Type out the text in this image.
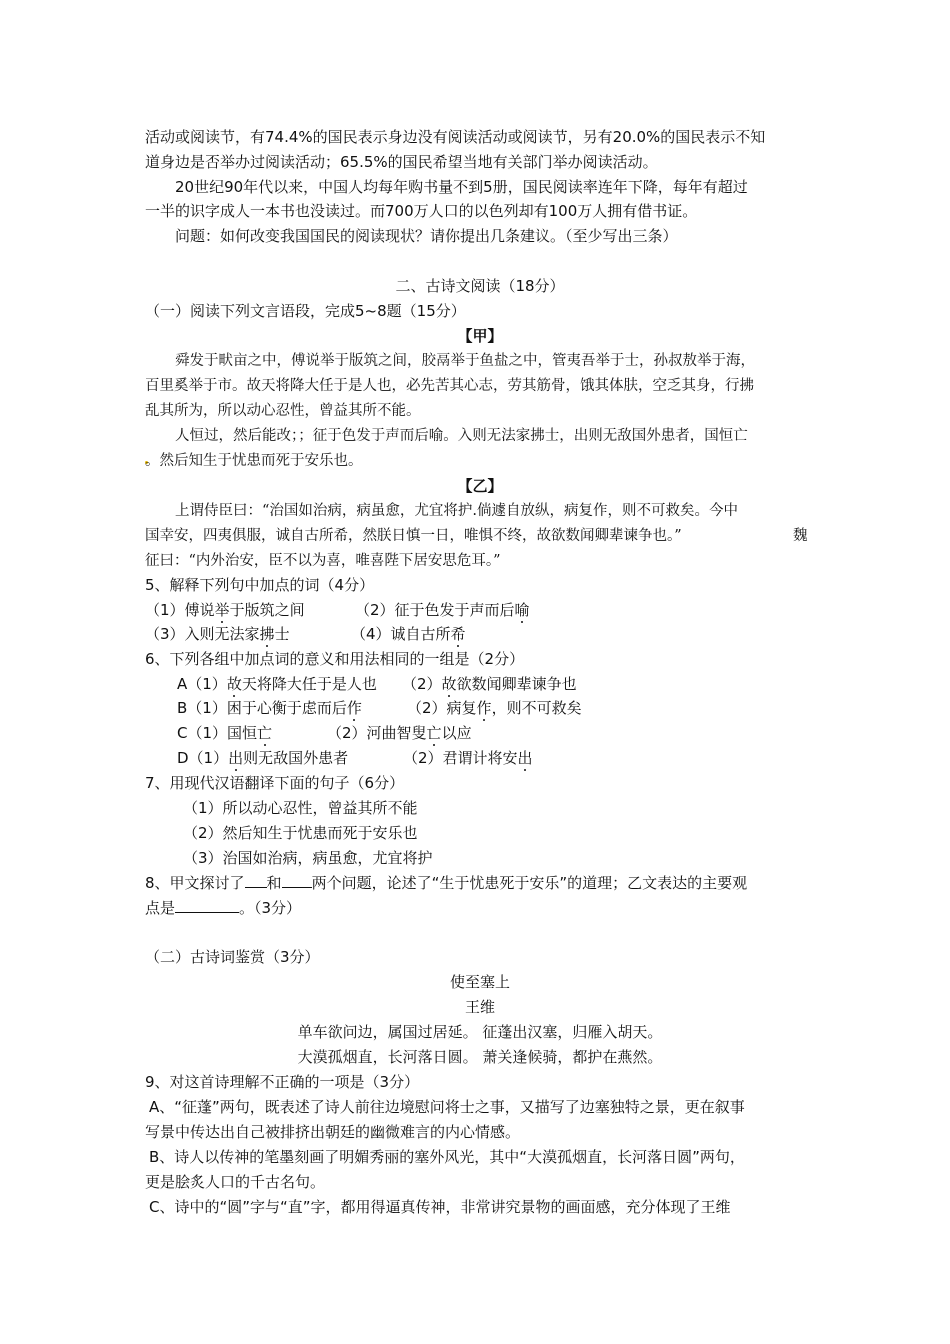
活动或阅读节，有74.4%的国民表示身边没有阅读活动或阅读节，另有20.0%的国民表示不知
道身边是否举办过阅读活动；65.5%的国民希望当地有关部门举办阅读活动。
20世纪90年代以来，中国人均每年购书量不到5册，国民阅读率连年下降，每年有超过
一半的识字成人一本书也没读过。而700万人口的以色列却有100万人拥有借书证。
问题：如何改变我国国民的阅读现状？请你提出几条建议。（至少写出三条）
二、古诗文阅读（18分）
（一）阅读下列文言语段，完成5~8题（15分）
【甲】
舜发于畎亩之中，傅说举于版筑之间，胶鬲举于鱼盐之中，管夷吾举于士，孙叔敖举于海，
百里奚举于市。故天将降大任于是人也，必先苦其心志，劳其筋骨，饿其体肤，空乏其身，行拂
乱其所为，所以动心忍性，曾益其所不能。
人恒过，然后能改；；征于色发于声而后喻。入则无法家拂士，出则无敌国外患者，国恒亡
。然后知生于忧患而死于安乐也。
【乙】
上谓侍臣曰：“治国如治病，病虽愈，尤宜将护.倘遽自放纵，病复作，则不可救矣。今中
国幸安，四夷俱服，诚自古所希，然朕日慎一日，唯惧不终，故欲数闻卿辈谏争也。”	魏
征曰：“内外治安，臣不以为喜，唯喜陛下居安思危耳。”
5、解释下列句中加点的词（4分）
（1）傅说举于版筑之间	（2）征于色发于声而后喻
（3）入则无法家拂士	（4）诚自古所希
6、下列各组中加点词的意义和用法相同的一组是（2分）
A（1）故天将降大任于是人也 （2）故欲数闻卿辈谏争也
B（1）困于心衡于虑而后作	（2）病复作，则不可救矣
C（1）国恒亡	（2）河曲智叟亡以应
D（1）出则无敌国外患者	（2）君谓计将安出
7、用现代汉语翻译下面的句子（6分）
（1）所以动心忍性，曾益其所不能
（2）然后知生于忧患而死于安乐也
（3）治国如治病，病虽愈，尤宜将护
8、甲文探讨了 和 两个问题，论述了“生于忧患死于安乐”的道理；乙文表达的主要观
点是	。（3分）
（二）古诗词鉴赏（3分）
使至塞上
王维
单车欲问边，属国过居延。 征蓬出汉塞，归雁入胡天。
大漠孤烟直，长河落日圆。 萧关逢候骑，都护在燕然。
9、对这首诗理解不正确的一项是（3分）
A、“征蓬”两句，既表述了诗人前往边境慰问将士之事，又描写了边塞独特之景，更在叙事
写景中传达出自己被排挤出朝廷的幽微难言的内心情感。
B、诗人以传神的笔墨刻画了明媚秀丽的塞外风光，其中“大漠孤烟直，长河落日圆”两句，
更是脍炙人口的千古名句。
C、诗中的“圆”字与“直”字，都用得逼真传神，非常讲究景物的画面感，充分体现了王维
